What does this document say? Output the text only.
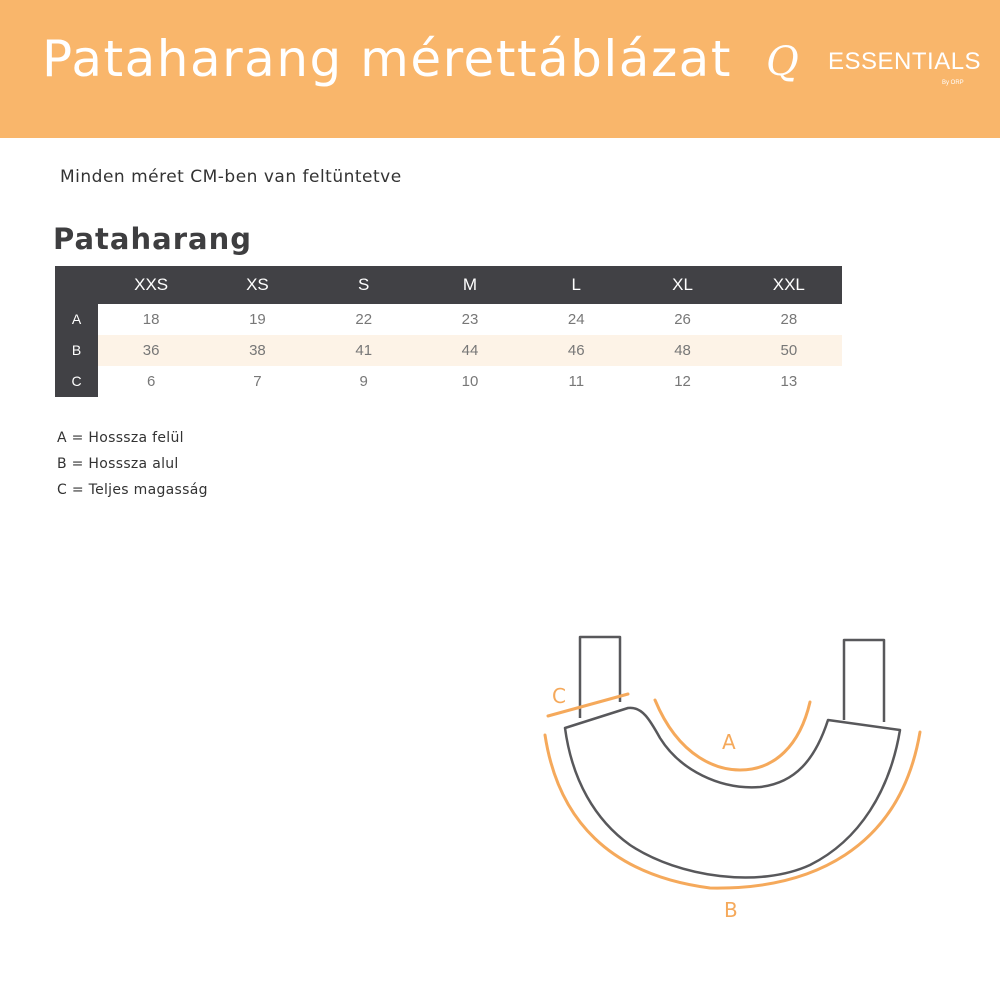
Pataharang mérettáblázat Q ESSENTIALS
By ORP
Minden méret CM-ben van feltüntetve
Pataharang
XXS	XS	S	M	L	XL	XXL
A	18	19	22	23	24	26	28
B	36	38	41	44	46	48	50
C	6	7	9	10	11	12	13
A = Hosssza felül
B = Hosssza alul
C = Teljes magasság
A
B
C
